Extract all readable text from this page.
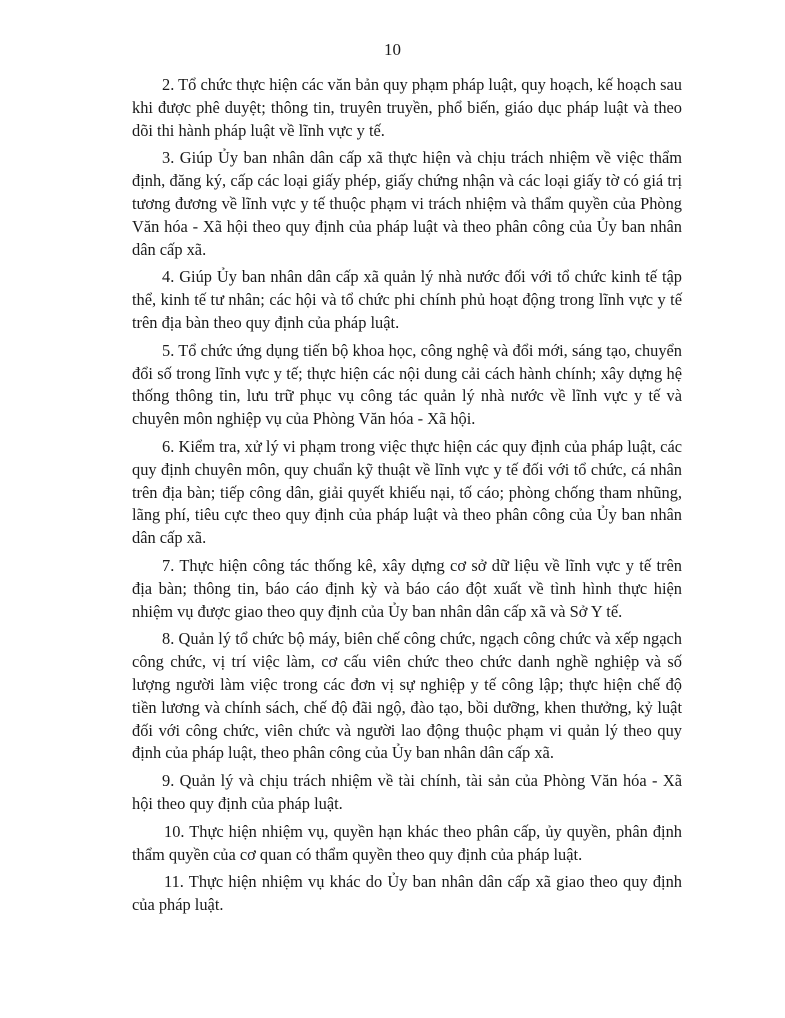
10

2. Tổ chức thực hiện các văn bản quy phạm pháp luật, quy hoạch, kế hoạch sau khi được phê duyệt; thông tin, truyên truyền, phổ biến, giáo dục pháp luật và theo dõi thi hành pháp luật về lĩnh vực y tế.

3. Giúp Ủy ban nhân dân cấp xã thực hiện và chịu trách nhiệm về việc thẩm định, đăng ký, cấp các loại giấy phép, giấy chứng nhận và các loại giấy tờ có giá trị tương đương về lĩnh vực y tế thuộc phạm vi trách nhiệm và thẩm quyền của Phòng Văn hóa - Xã hội theo quy định của pháp luật và theo phân công của Ủy ban nhân dân cấp xã.

4. Giúp Ủy ban nhân dân cấp xã quản lý nhà nước đối với tổ chức kinh tế tập thể, kinh tế tư nhân; các hội và tổ chức phi chính phủ hoạt động trong lĩnh vực y tế trên địa bàn theo quy định của pháp luật.

5. Tổ chức ứng dụng tiến bộ khoa học, công nghệ và đổi mới, sáng tạo, chuyển đổi số trong lĩnh vực y tế; thực hiện các nội dung cải cách hành chính; xây dựng hệ thống thông tin, lưu trữ phục vụ công tác quản lý nhà nước về lĩnh vực y tế và chuyên môn nghiệp vụ của Phòng Văn hóa - Xã hội.

6. Kiểm tra, xử lý vi phạm trong việc thực hiện các quy định của pháp luật, các quy định chuyên môn, quy chuẩn kỹ thuật về lĩnh vực y tế đối với tổ chức, cá nhân trên địa bàn; tiếp công dân, giải quyết khiếu nại, tố cáo; phòng chống tham nhũng, lãng phí, tiêu cực theo quy định của pháp luật và theo phân công của Ủy ban nhân dân cấp xã.

7. Thực hiện công tác thống kê, xây dựng cơ sở dữ liệu về lĩnh vực y tế trên địa bàn; thông tin, báo cáo định kỳ và báo cáo đột xuất về tình hình thực hiện nhiệm vụ được giao theo quy định của Ủy ban nhân dân cấp xã và Sở Y tế.

8. Quản lý tổ chức bộ máy, biên chế công chức, ngạch công chức và xếp ngạch công chức, vị trí việc làm, cơ cấu viên chức theo chức danh nghề nghiệp và số lượng người làm việc trong các đơn vị sự nghiệp y tế công lập; thực hiện chế độ tiền lương và chính sách, chế độ đãi ngộ, đào tạo, bồi dưỡng, khen thưởng, kỷ luật đối với công chức, viên chức và người lao động thuộc phạm vi quản lý theo quy định của pháp luật, theo phân công của Ủy ban nhân dân cấp xã.

9. Quản lý và chịu trách nhiệm về tài chính, tài sản của Phòng Văn hóa - Xã hội theo quy định của pháp luật.

10. Thực hiện nhiệm vụ, quyền hạn khác theo phân cấp, ủy quyền, phân định thẩm quyền của cơ quan có thẩm quyền theo quy định của pháp luật.

11. Thực hiện nhiệm vụ khác do Ủy ban nhân dân cấp xã giao theo quy định của pháp luật.
